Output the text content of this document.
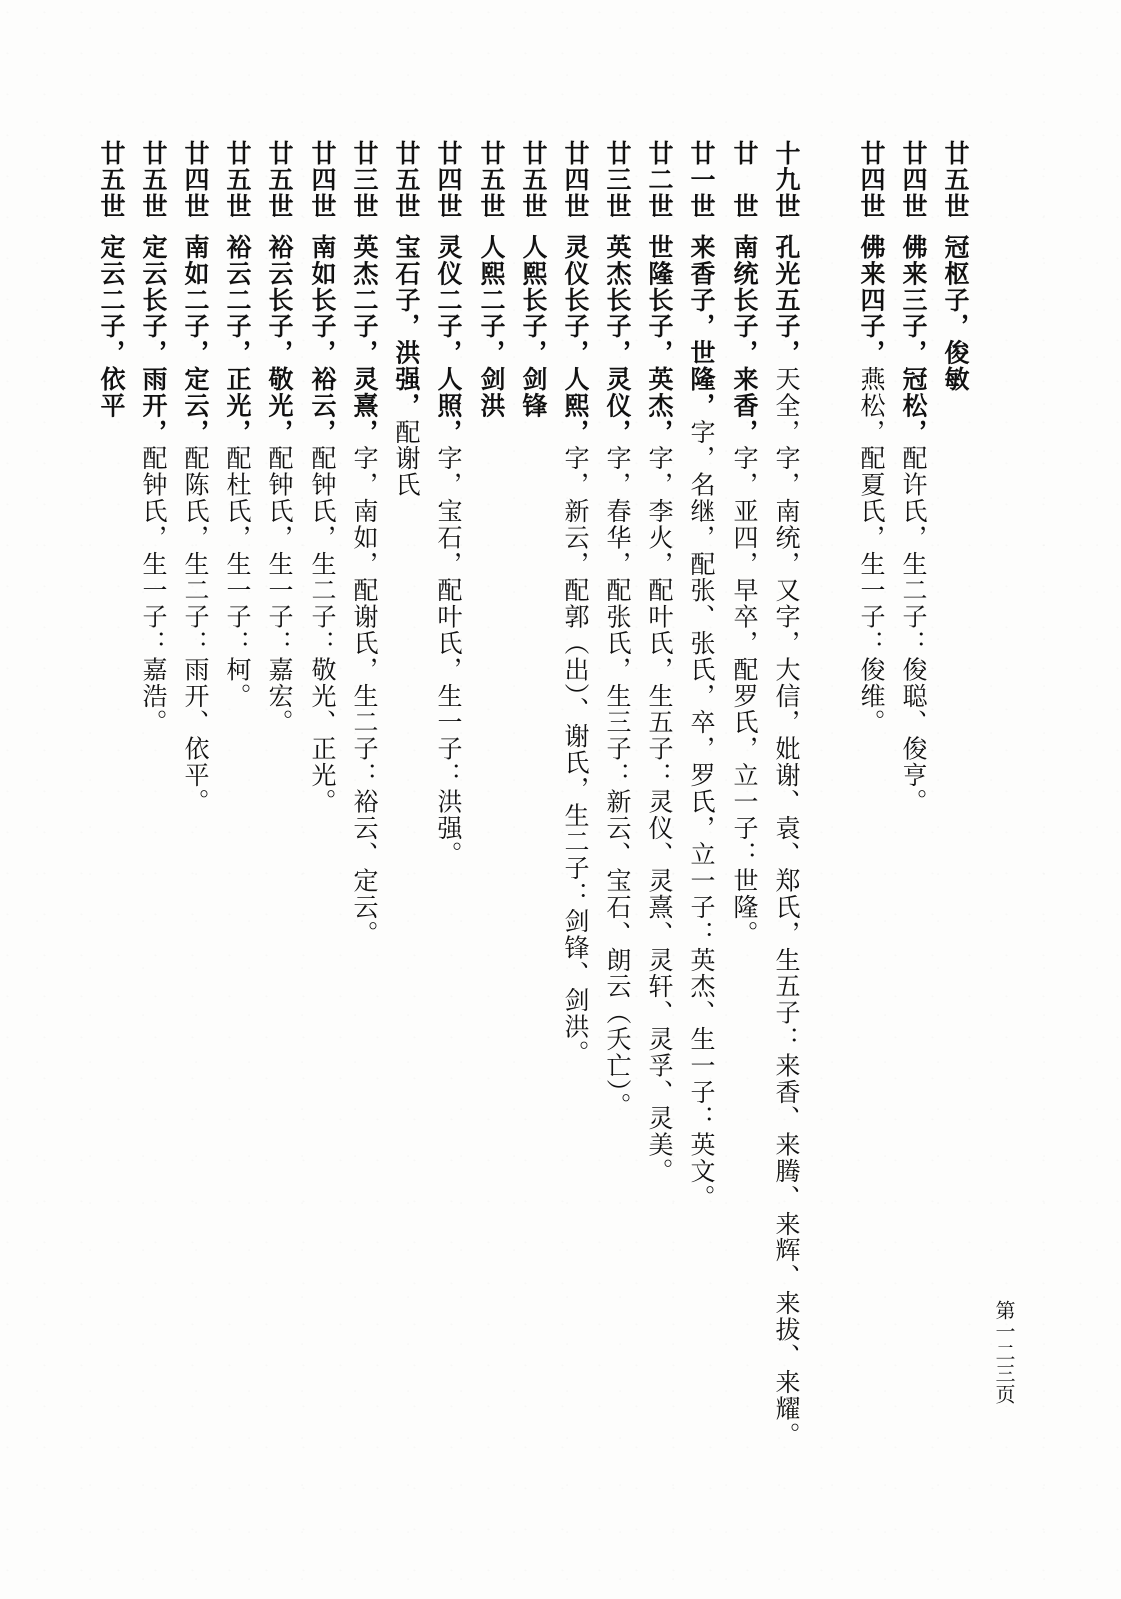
廿五世冠枢子，俊敏
廿四世佛来三子，冠松，配许氏，生二子：俊聪、俊亨。
廿四世佛来四子，燕松，配夏氏，生一子：俊维。
十九世孔光五子，天全，字，南统，又字，大信，妣谢、袁、郑氏，生五子：来香、来腾、来辉、来拔、来耀。
廿　世南统长子，来香，字，亚四，早卒，配罗氏，立一子：世隆。
廿一世来香子，世隆，字，名继，配张、张氏，卒，罗氏，立一子：英杰、生一子：英文。
廿二世世隆长子，英杰，字，李火，配叶氏，生五子：灵仪、灵熹、灵轩、灵孚、灵美。
廿三世英杰长子，灵仪，字，春华，配张氏，生三子：新云、宝石、朗云（夭亡）。
廿四世灵仪长子，人熙，字，新云，配郭（出）、谢氏，生二子：剑锋、剑洪。
廿五世人熙长子，剑锋
廿五世人熙二子，剑洪
廿四世灵仪二子，人照，字，宝石，配叶氏，生一子：洪强。
廿五世宝石子，洪强，配谢氏
廿三世英杰二子，灵熹，字，南如，配谢氏，生二子：裕云、定云。
廿四世南如长子，裕云，配钟氏，生二子：敬光、正光。
廿五世裕云长子，敬光，配钟氏，生一子：嘉宏。
廿五世裕云二子，正光，配杜氏，生一子：柯。
廿四世南如二子，定云，配陈氏，生二子：雨开、依平。
廿五世定云长子，雨开，配钟氏，生一子：嘉浩。
廿五世定云二子，依平
第一二三页
